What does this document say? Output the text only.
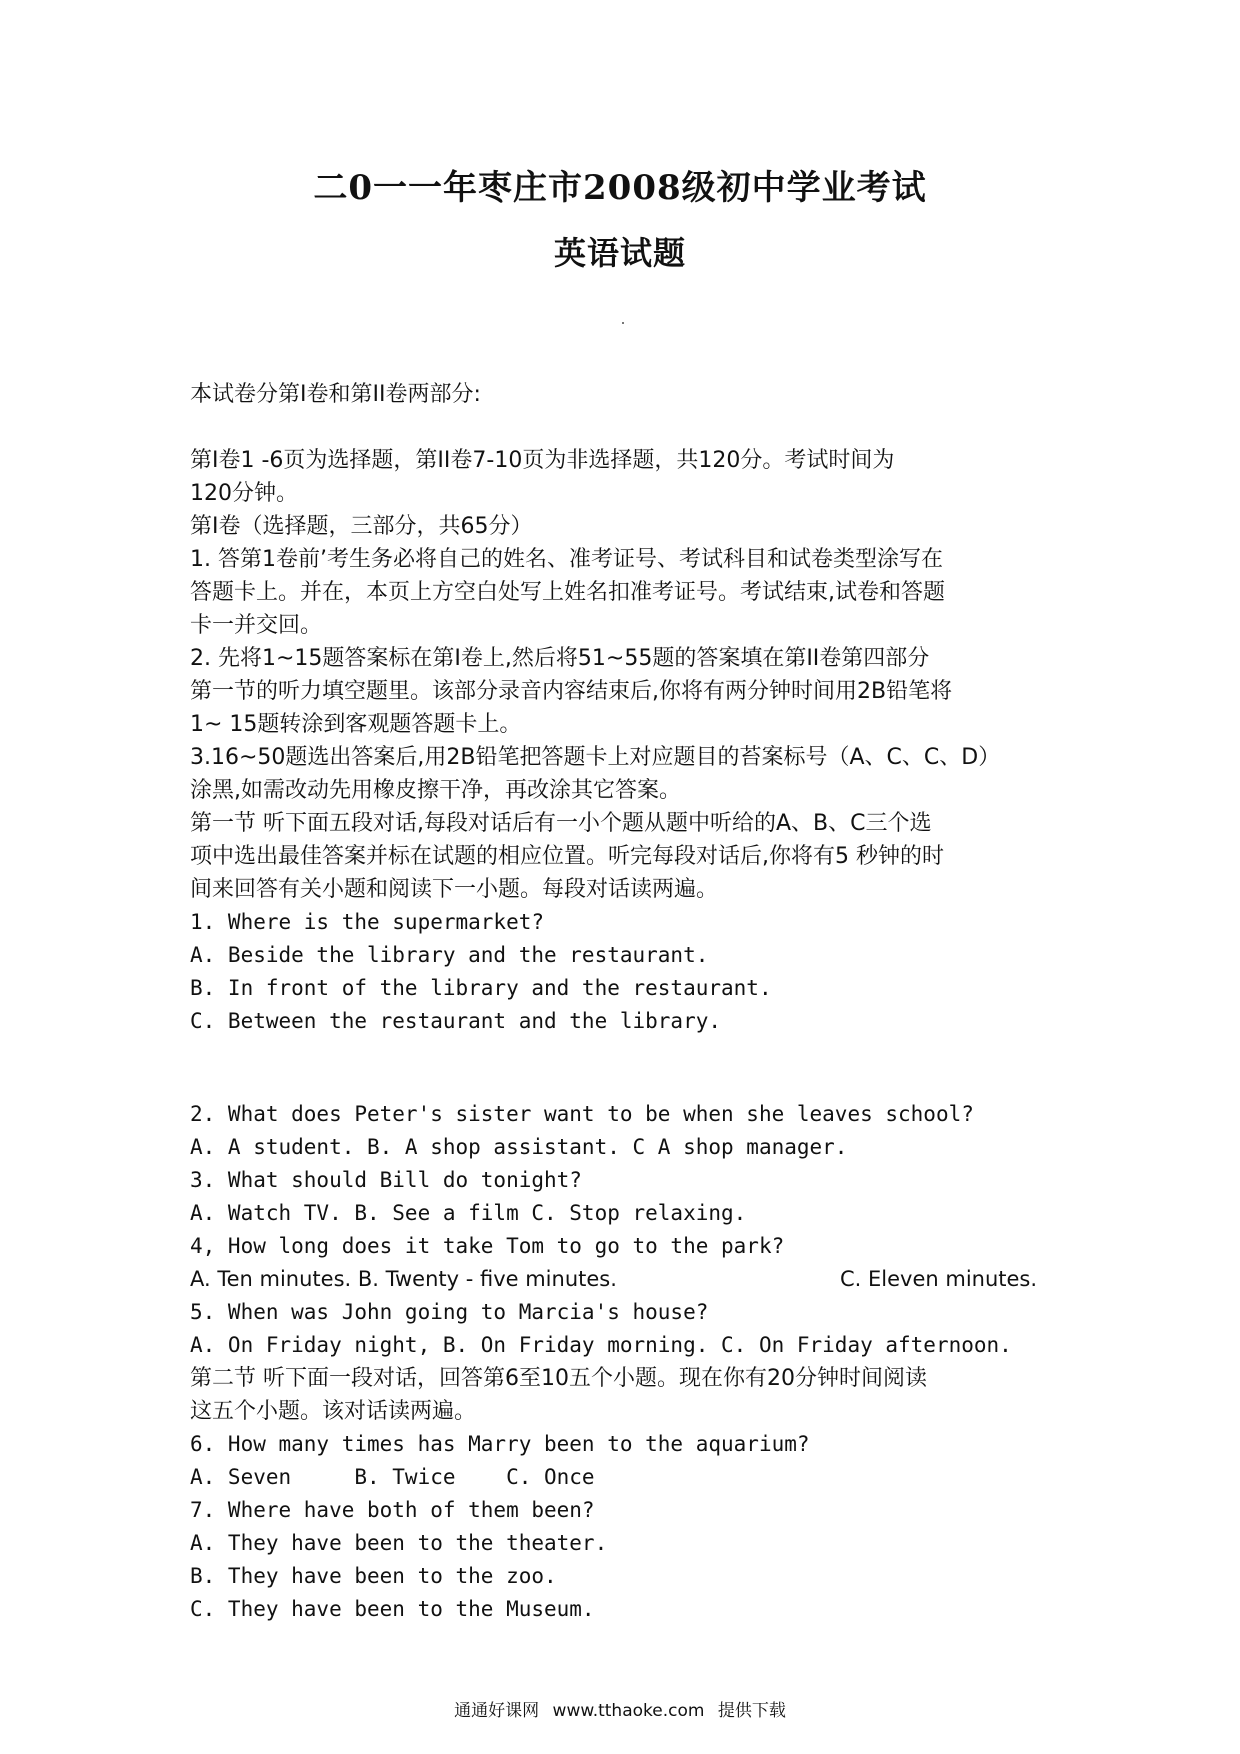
二0一一年枣庄市2008级初中学业考试
英语试题
本试卷分第I卷和第II卷两部分:
第I卷1 -6页为选择题，第II卷7-10页为非选择题，共120分。考试时间为
120分钟。
第I卷（选择题，三部分，共65分）
1. 答第1卷前’考生务必将自己的姓名、准考证号、考试科目和试卷类型涂写在
答题卡上。并在，本页上方空白处写上姓名扣准考证号。考试结束,试卷和答题
卡一并交回。
2. 先将1~15题答案标在第I卷上,然后将51~55题的答案填在第II卷第四部分
第一节的听力填空题里。该部分录音内容结束后,你将有两分钟时间用2B铅笔将
1~ 15题转涂到客观题答题卡上。
3.16~50题选出答案后,用2B铅笔把答题卡上对应题目的苔案标号（A、C、C、D）
涂黑,如需改动先用橡皮擦干净，再改涂其它答案。
第一节 听下面五段对话,每段对话后有一小个题从题中听给的A、B、C三个选
项中选出最佳答案并标在试题的相应位置。听完每段对话后,你将有5 秒钟的时
间来回答有关小题和阅读下一小题。每段对话读两遍。
1. Where is the supermarket?
A. Beside the library and the restaurant.
B. In front of the library and the restaurant.
C. Between the restaurant and the library.
2. What does Peter's sister want to be when she leaves school?
A. A student. B. A shop assistant. C A shop manager.
3. What should Bill do tonight?
A. Watch TV. B. See a film C. Stop relaxing.
4, How long does it take Tom to go to the park?
A. Ten minutes. B. Twenty - five minutes.	C. Eleven minutes.
5. When was John going to Marcia's house?
A. On Friday night, B. On Friday morning. C. On Friday afternoon.
第二节 听下面一段对话，回答第6至10五个小题。现在你有20分钟时间阅读
这五个小题。该对话读两遍。
6. How many times has Marry been to the aquarium?
A. Seven     B. Twice    C. Once
7. Where have both of them been?
A. They have been to the theater.
B. They have been to the zoo.
C. They have been to the Museum.
通通好课网 www.tthaoke.com 提供下载
